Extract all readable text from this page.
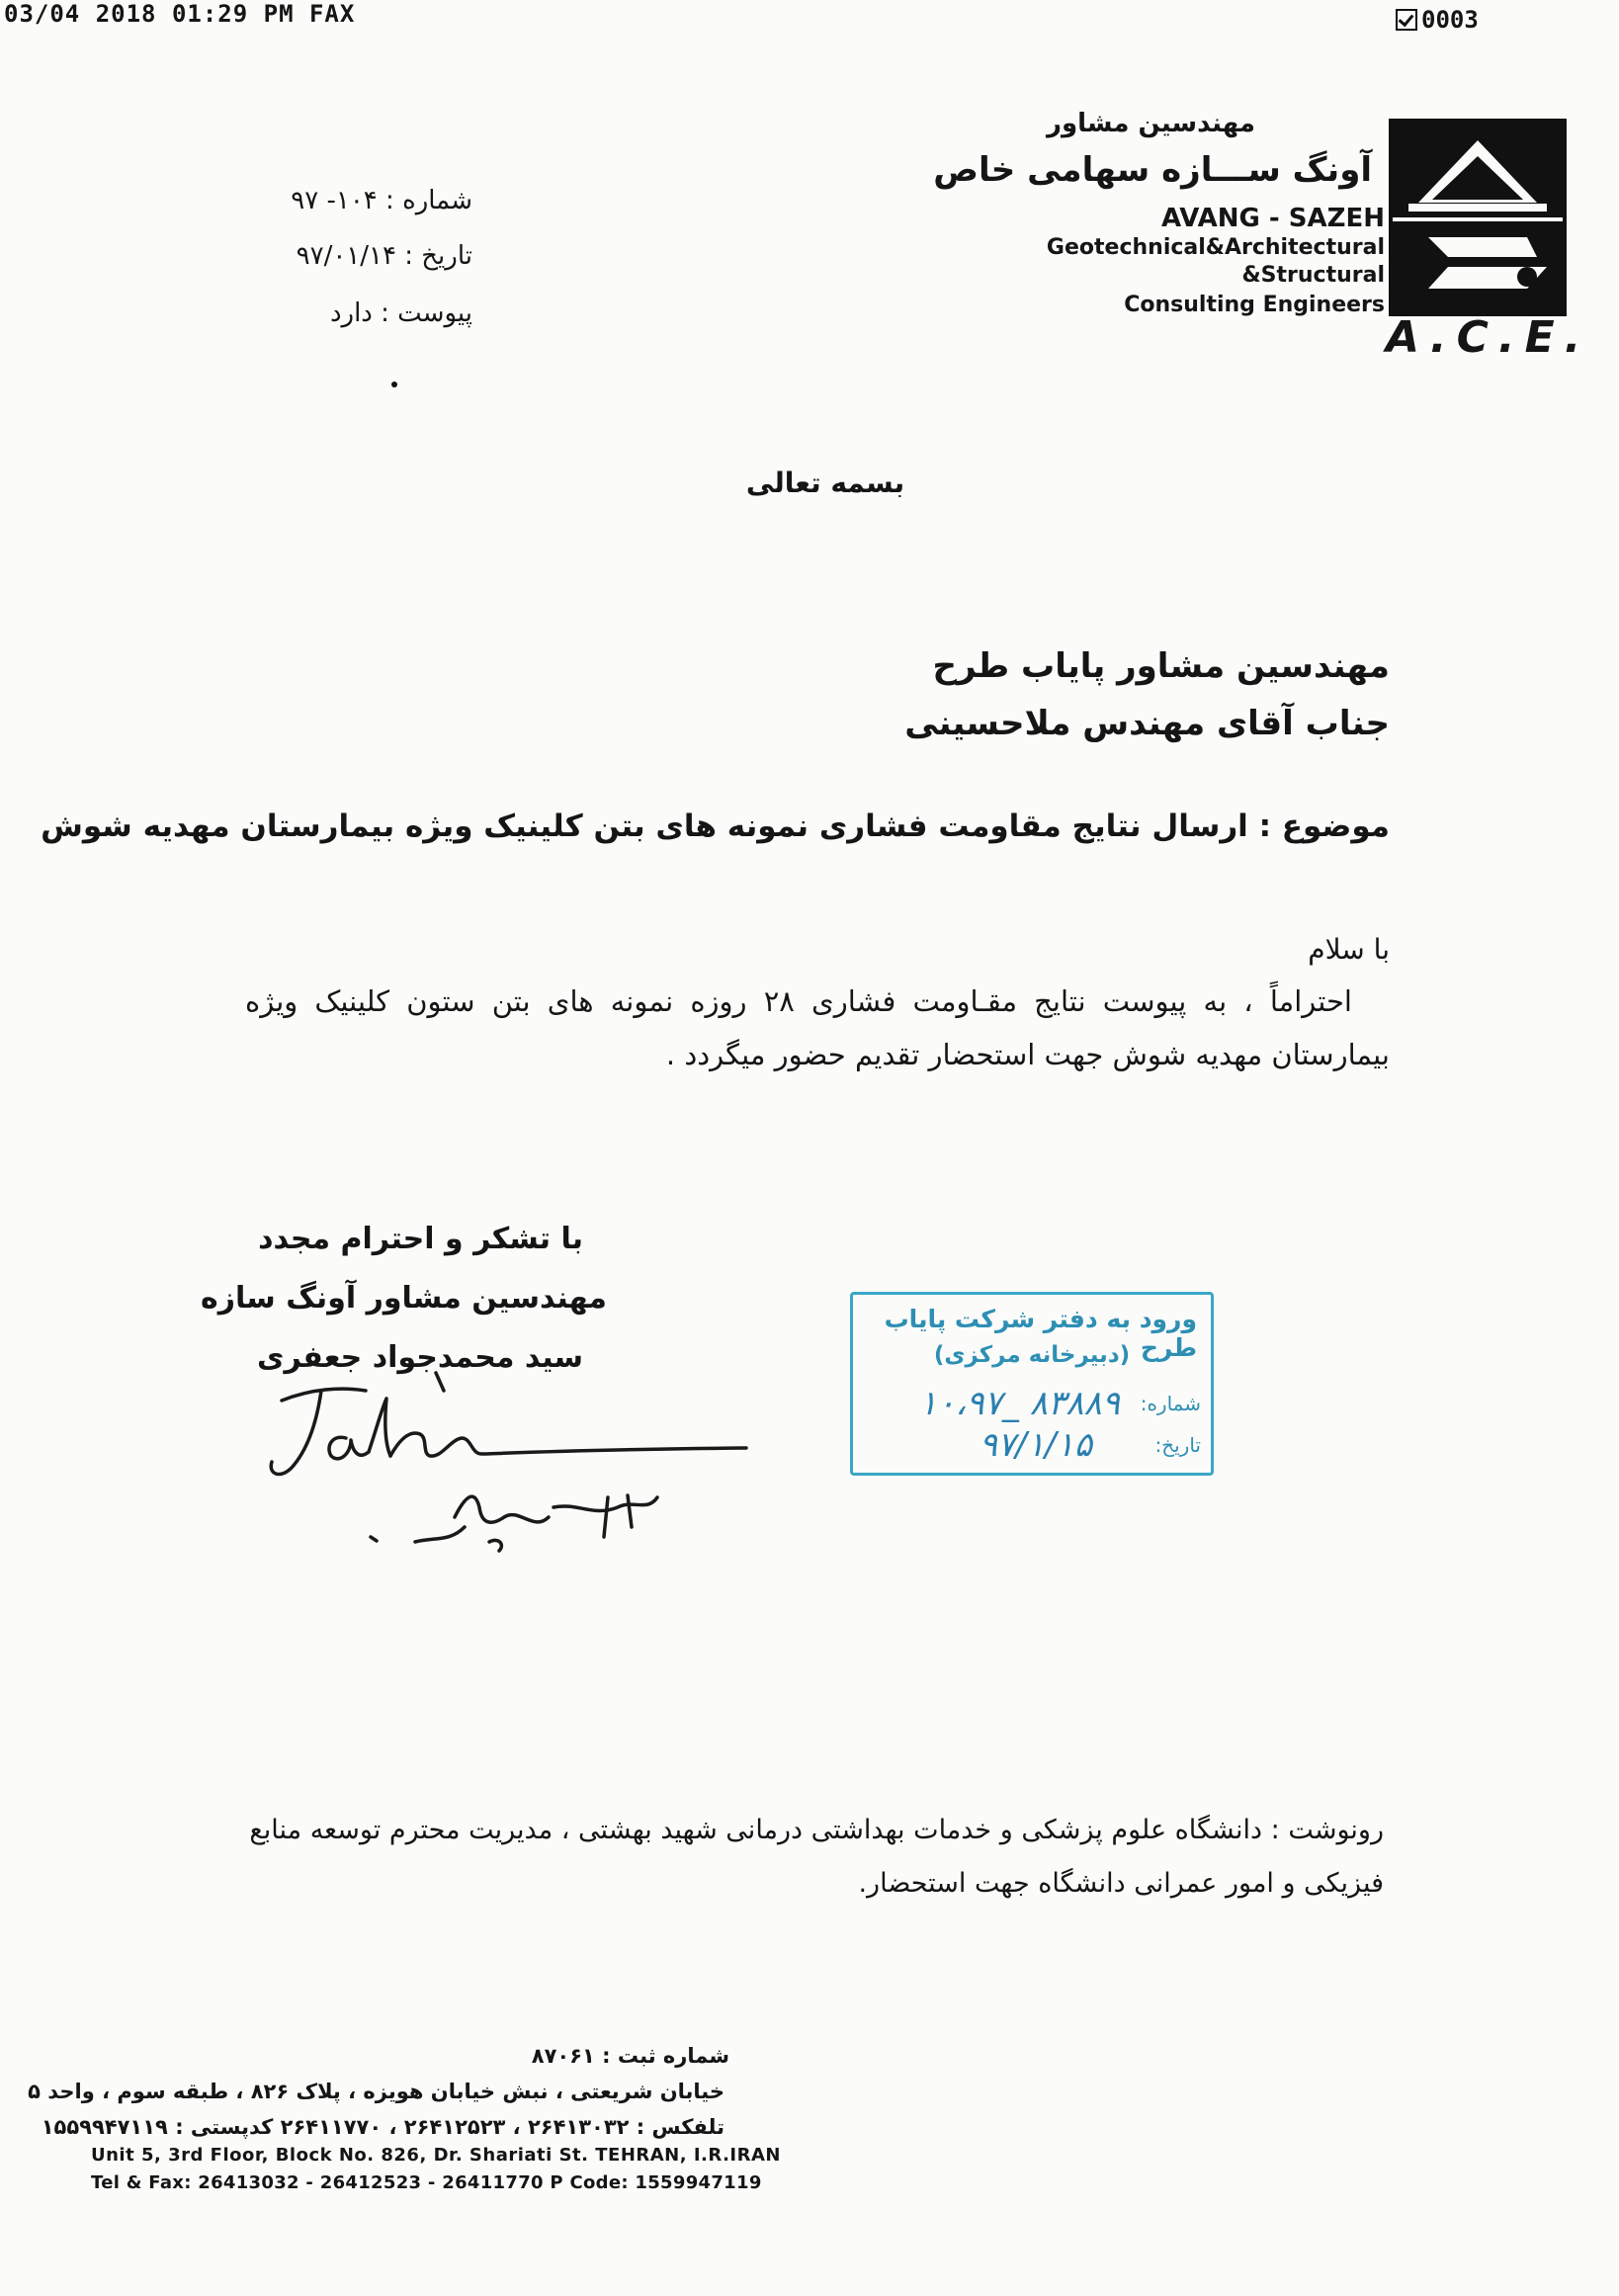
03/04 2018 01:29 PM FAX	0003
A.C.E.
مهندسین مشاور
آونگ ســـازه سهامی خاص
AVANG - SAZEH
Geotechnical&Architectural
&Structural
Consulting Engineers
شماره : ۱۰۴- ۹۷
تاریخ : ۹۷/۰۱/۱۴
پیوست : دارد
بسمه تعالی
مهندسین مشاور پایاب طرح
جناب آقای مهندس ملاحسینی
موضوع : ارسال نتایج مقاومت فشاری نمونه های بتن کلینیک ویژه بیمارستان مهدیه شوش
با سلام
احتراماً ، به پیوست نتایج مقـاومت فشاری ۲۸ روزه نمونه های بتن ستون کلینیک ویژه
بیمارستان مهدیه شوش جهت استحضار تقدیم حضور میگردد .
با تشکر و احترام مجدد
مهندسین مشاور آونگ سازه
سید محمدجواد جعفری
ورود به دفتر شرکت پایاب طرح
(دبیرخانه مرکزی)
شماره:
۱۰،۹۷_ ۸۳۸۸۹
تاریخ:
۹۷/۱/۱۵
رونوشت : دانشگاه علوم پزشکی و خدمات بهداشتی درمانی شهید بهشتی ، مدیریت محترم توسعه منابع
فیزیکی و امور عمرانی دانشگاه جهت استحضار.
شماره ثبت : ۸۷۰۶۱
خیابان شریعتی ، نبش خیابان هویزه ، پلاک ۸۲۶ ، طبقه سوم ، واحد ۵
تلفکس : ۲۶۴۱۳۰۳۲ ، ۲۶۴۱۲۵۲۳ ، ۲۶۴۱۱۷۷۰ کدپستی : ۱۵۵۹۹۴۷۱۱۹
Unit 5, 3rd Floor, Block No. 826, Dr. Shariati St. TEHRAN, I.R.IRAN
Tel & Fax: 26413032 - 26412523 - 26411770 P Code: 1559947119
